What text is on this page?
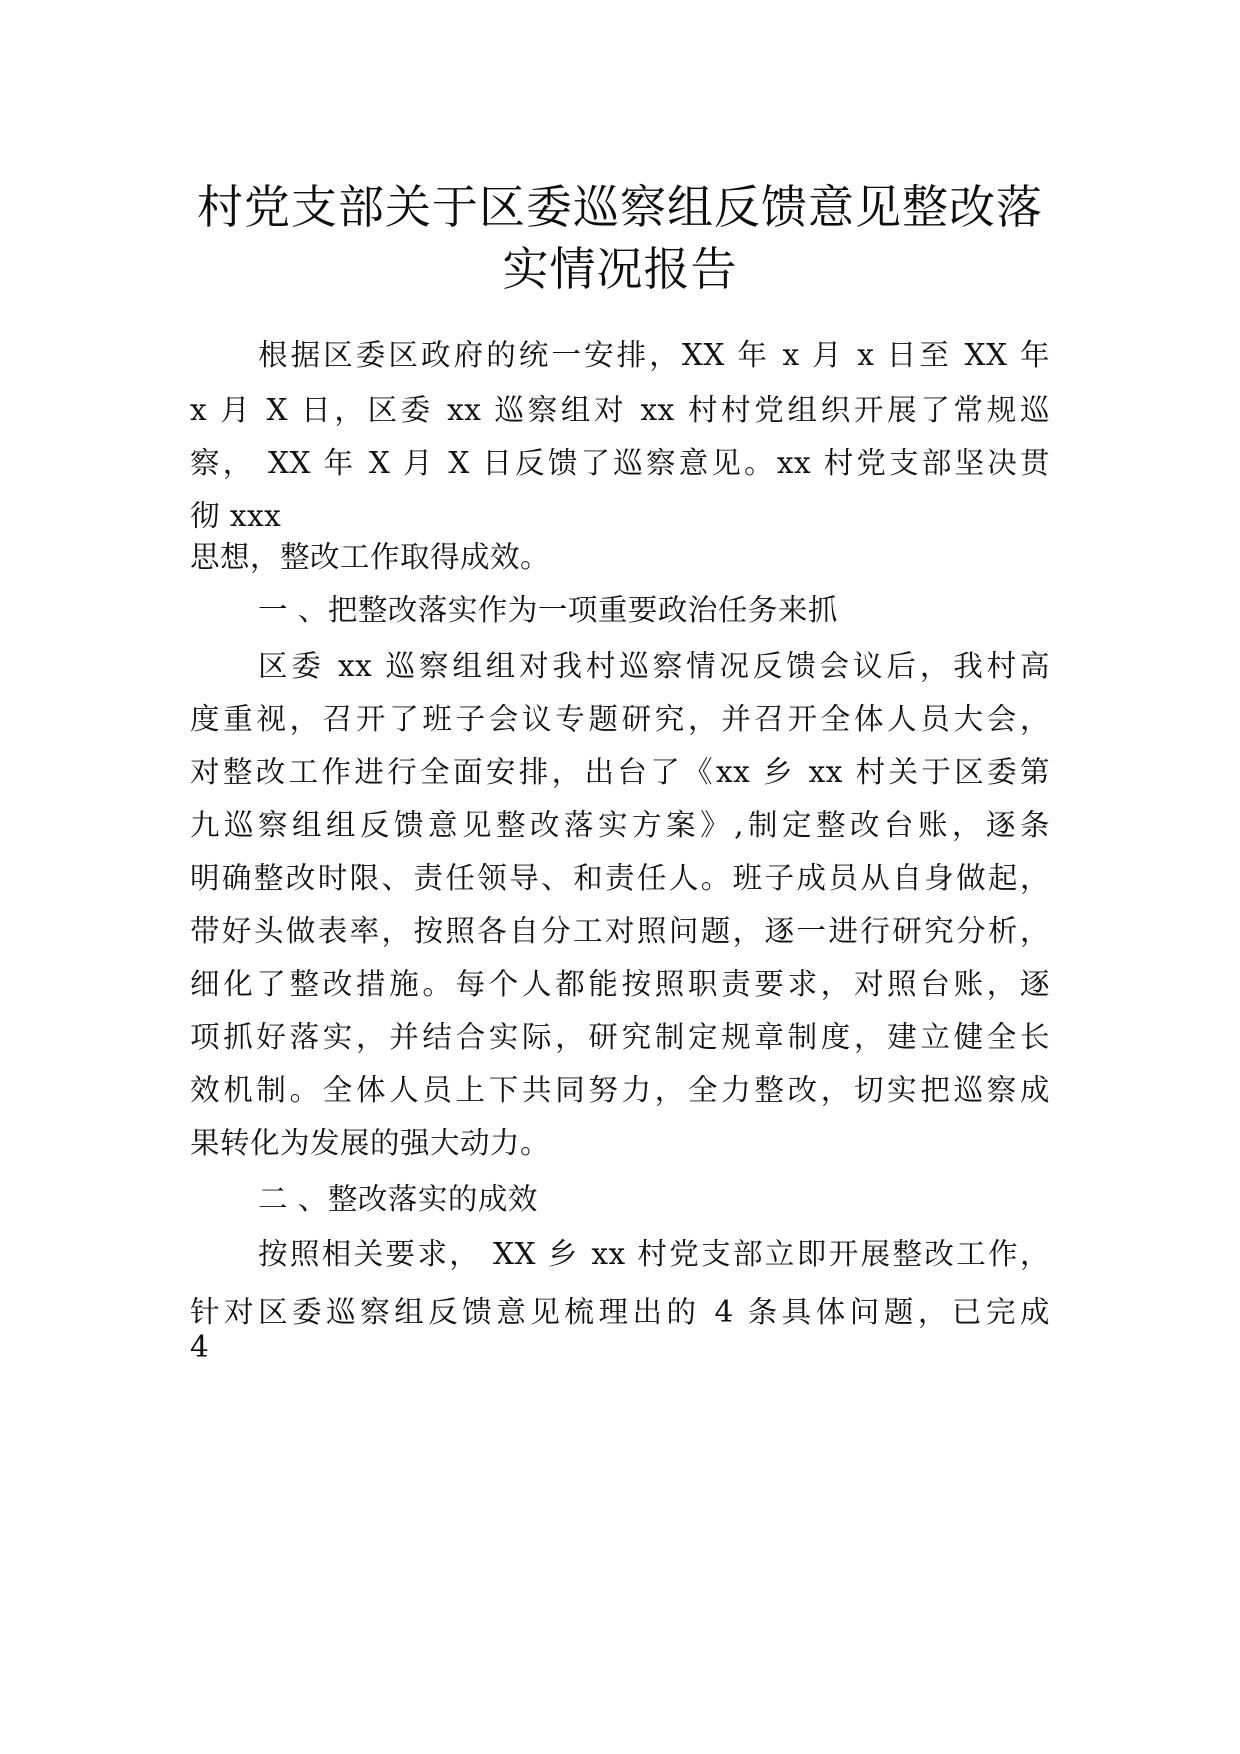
村党支部关于区委巡察组反馈意见整改落
实情况报告
根据区委区政府的统一安排，XX 年 x 月 x 日至 XX 年
x 月 X 日，区委 xx 巡察组对 xx 村村党组织开展了常规巡
察， XX 年 X 月 X 日反馈了巡察意见。xx 村党支部坚决贯
彻 xxx
思想，整改工作取得成效。
一 、把整改落实作为一项重要政治任务来抓
区委 xx 巡察组组对我村巡察情况反馈会议后，我村高
度重视，召开了班子会议专题研究，并召开全体人员大会，
对整改工作进行全面安排，出台了《xx 乡 xx 村关于区委第
九巡察组组反馈意见整改落实方案》,制定整改台账，逐条
明确整改时限、责任领导、和责任人。班子成员从自身做起，
带好头做表率，按照各自分工对照问题，逐一进行研究分析，
细化了整改措施。每个人都能按照职责要求，对照台账，逐
项抓好落实，并结合实际，研究制定规章制度，建立健全长
效机制。全体人员上下共同努力，全力整改，切实把巡察成
果转化为发展的强大动力。
二 、整改落实的成效
按照相关要求， XX 乡 xx 村党支部立即开展整改工作，
针对区委巡察组反馈意见梳理出的 4 条具体问题，已完成
4
